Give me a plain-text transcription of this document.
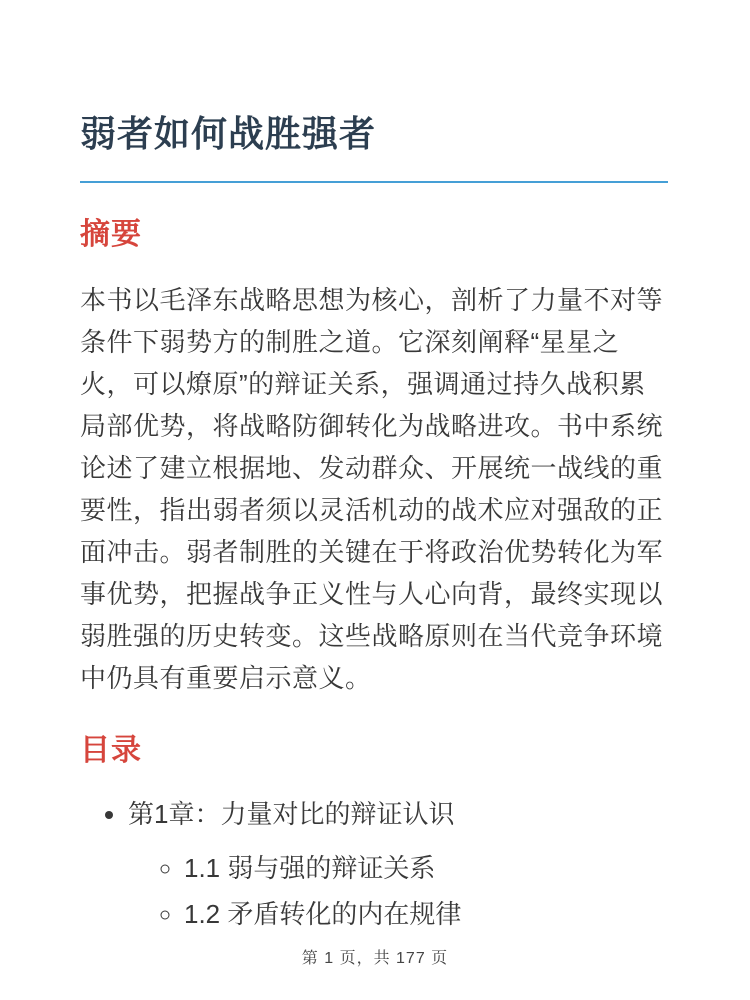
弱者如何战胜强者
摘要

本书以毛泽东战略思想为核心，剖析了力量不对等条件下弱势方的制胜之道。它深刻阐释“星星之火，可以燎原”的辩证关系，强调通过持久战积累局部优势，将战略防御转化为战略进攻。书中系统论述了建立根据地、发动群众、开展统一战线的重要性，指出弱者须以灵活机动的战术应对强敌的正面冲击。弱者制胜的关键在于将政治优势转化为军事优势，把握战争正义性与人心向背，最终实现以弱胜强的历史转变。这些战略原则在当代竞争环境中仍具有重要启示意义。

目录
• 第1章：力量对比的辩证认识
◦ 1.1 弱与强的辩证关系
◦ 1.2 矛盾转化的内在规律
第 1 页，共 177 页
